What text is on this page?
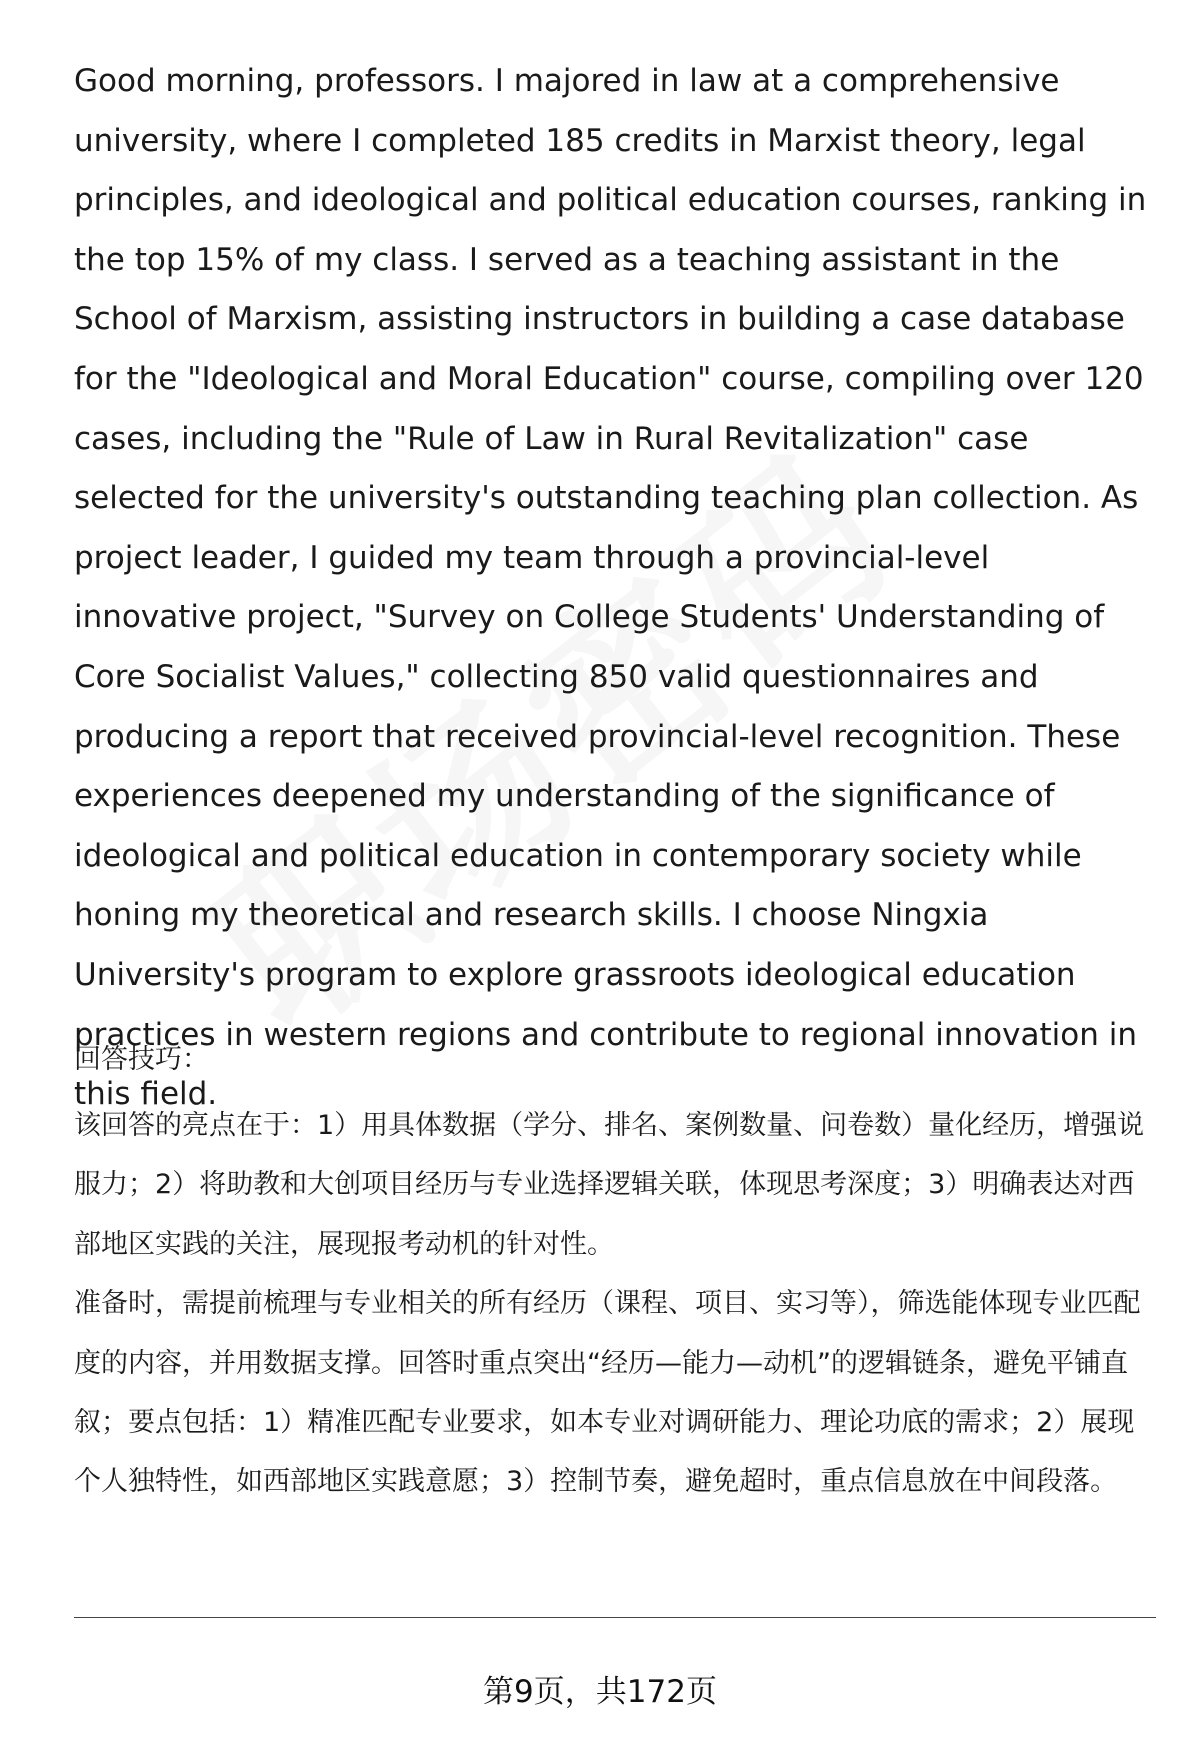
Good morning, professors. I majored in law at a comprehensive university, where I completed 185 credits in Marxist theory, legal principles, and ideological and political education courses, ranking in the top 15% of my class. I served as a teaching assistant in the School of Marxism, assisting instructors in building a case database for the "Ideological and Moral Education" course, compiling over 120 cases, including the "Rule of Law in Rural Revitalization" case selected for the university's outstanding teaching plan collection. As project leader, I guided my team through a provincial-level innovative project, "Survey on College Students' Understanding of Core Socialist Values," collecting 850 valid questionnaires and producing a report that received provincial-level recognition. These experiences deepened my understanding of the significance of ideological and political education in contemporary society while honing my theoretical and research skills. I choose Ningxia University's program to explore grassroots ideological education practices in western regions and contribute to regional innovation in this field.

回答技巧：

该回答的亮点在于：1）用具体数据（学分、排名、案例数量、问卷数）量化经历，增强说服力；2）将助教和大创项目经历与专业选择逻辑关联，体现思考深度；3）明确表达对西部地区实践的关注，展现报考动机的针对性。

准备时，需提前梳理与专业相关的所有经历（课程、项目、实习等），筛选能体现专业匹配度的内容，并用数据支撑。回答时重点突出“经历—能力—动机”的逻辑链条，避免平铺直叙；要点包括：1）精准匹配专业要求，如本专业对调研能力、理论功底的需求；2）展现个人独特性，如西部地区实践意愿；3）控制节奏，避免超时，重点信息放在中间段落。

第9页，共172页
